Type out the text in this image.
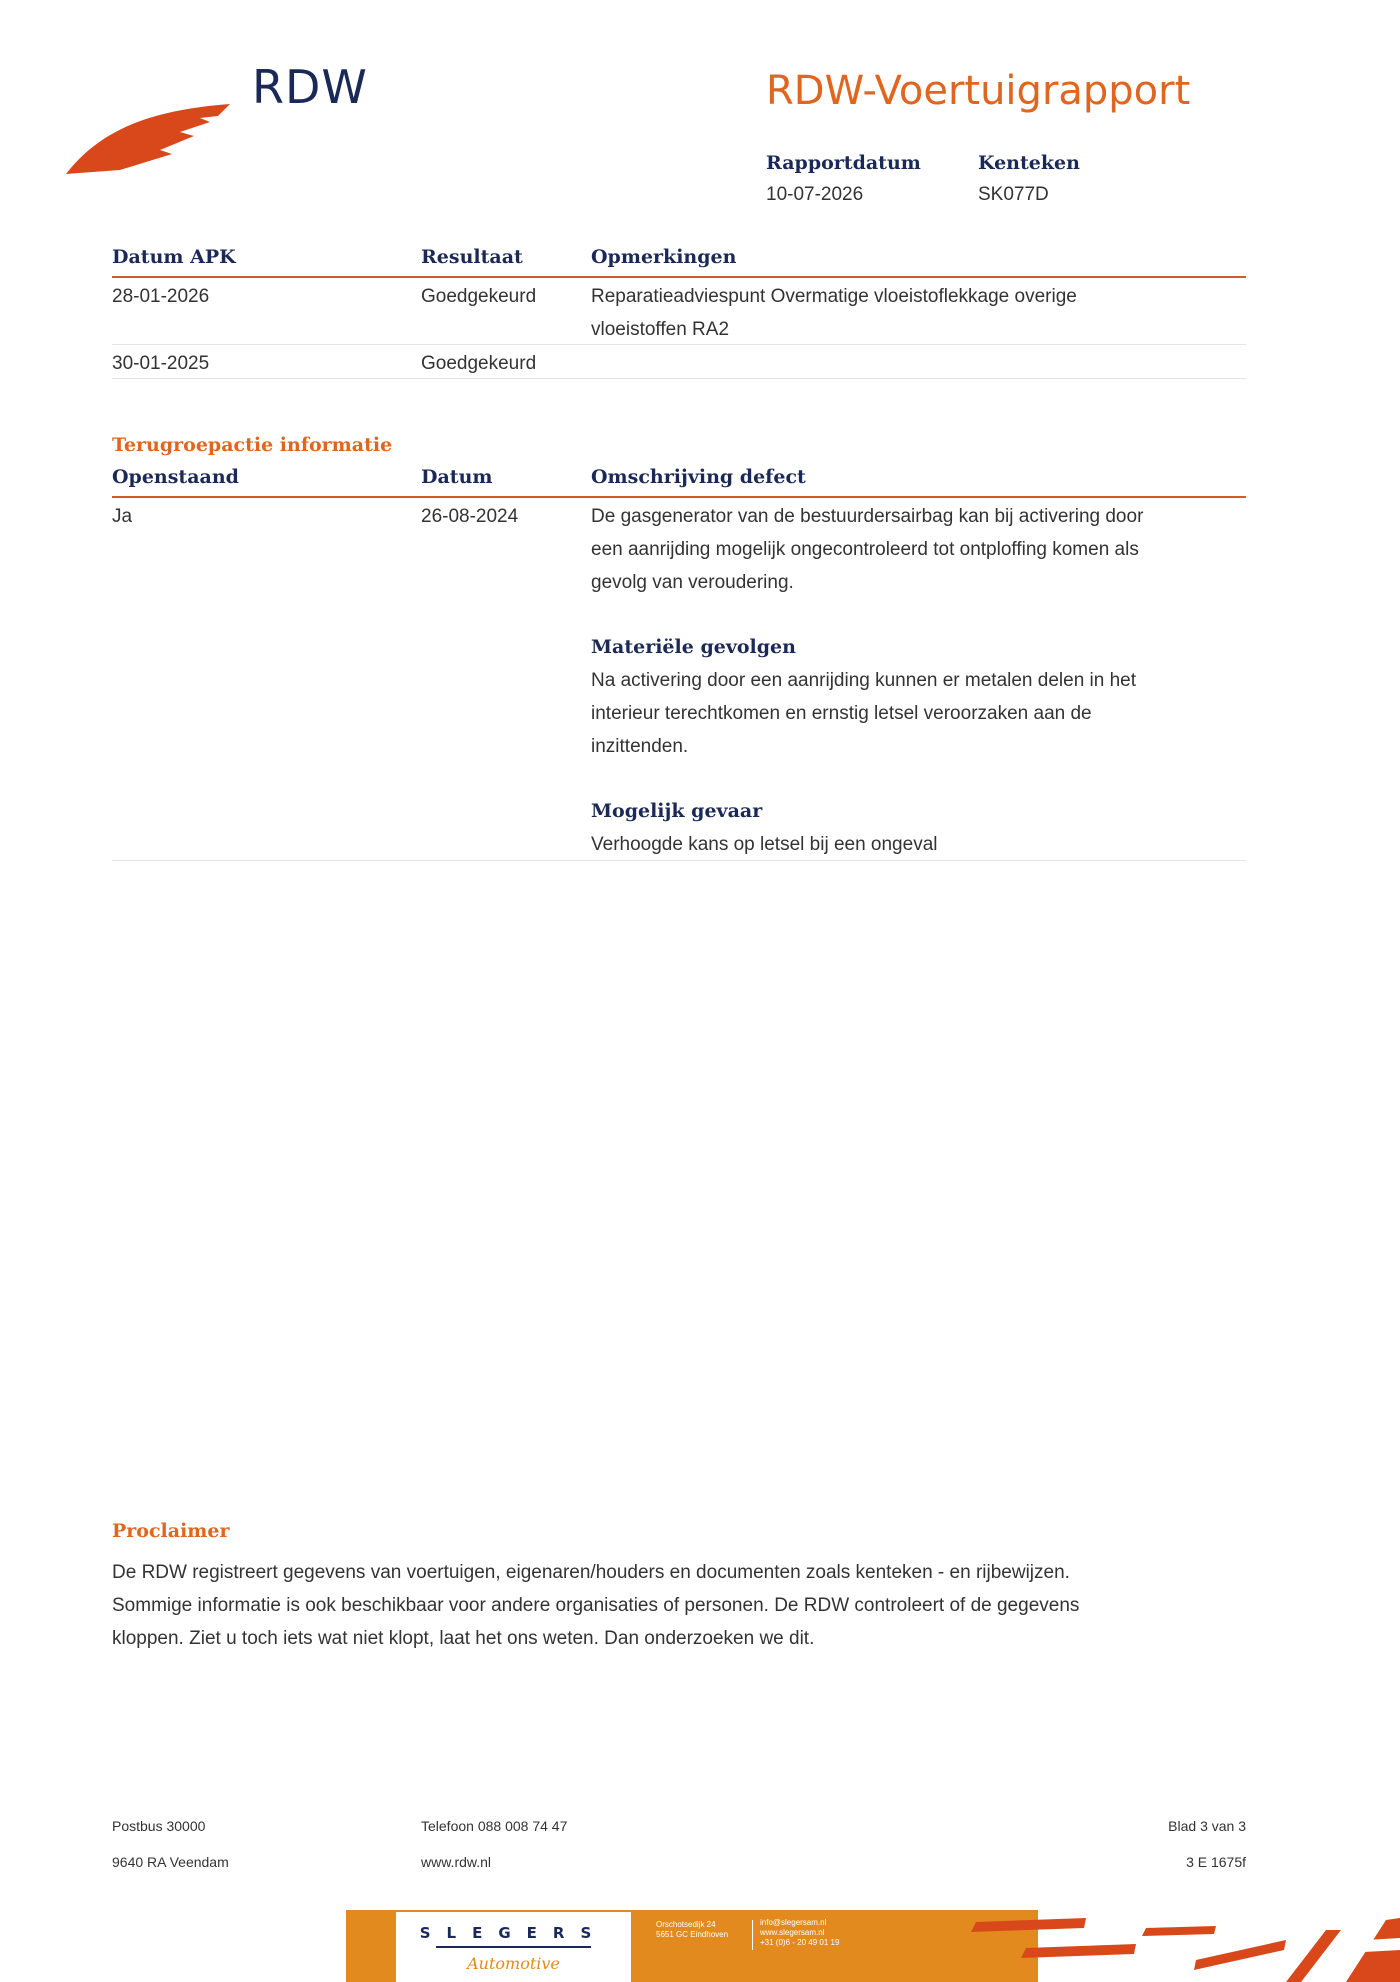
RDW	RDW-Voertuigrapport
Rapportdatum
10-07-2026
Kenteken
SK077D
Datum APK	Resultaat	Opmerkingen
28-01-2026	Goedgekeurd	Reparatieadviespunt Overmatige vloeistoflekkage overige
vloeistoffen RA2
30-01-2025	Goedgekeurd
Terugroepactie informatie
Openstaand	Datum	Omschrijving defect
Ja	26-08-2024	De gasgenerator van de bestuurdersairbag kan bij activering door
een aanrijding mogelijk ongecontroleerd tot ontploffing komen als
gevolg van veroudering.
Materiële gevolgen
Na activering door een aanrijding kunnen er metalen delen in het
interieur terechtkomen en ernstig letsel veroorzaken aan de
inzittenden.
Mogelijk gevaar
Verhoogde kans op letsel bij een ongeval
Proclaimer

De RDW registreert gegevens van voertuigen, eigenaren/houders en documenten zoals kenteken - en rijbewijzen.
Sommige informatie is ook beschikbaar voor andere organisaties of personen. De RDW controleert of de gegevens
kloppen. Ziet u toch iets wat niet klopt, laat het ons weten. Dan onderzoeken we dit.

Postbus 30000
9640 RA Veendam
Telefoon 088 008 74 47
www.rdw.nl
Blad 3 van 3
3 E 1675f
SLEGERS
Automotive
Orschotsedijk 24
5651 GC Eindhoven
info@slegersam.nl
www.slegersam.nl
+31 (0)6 - 20 49 01 19
